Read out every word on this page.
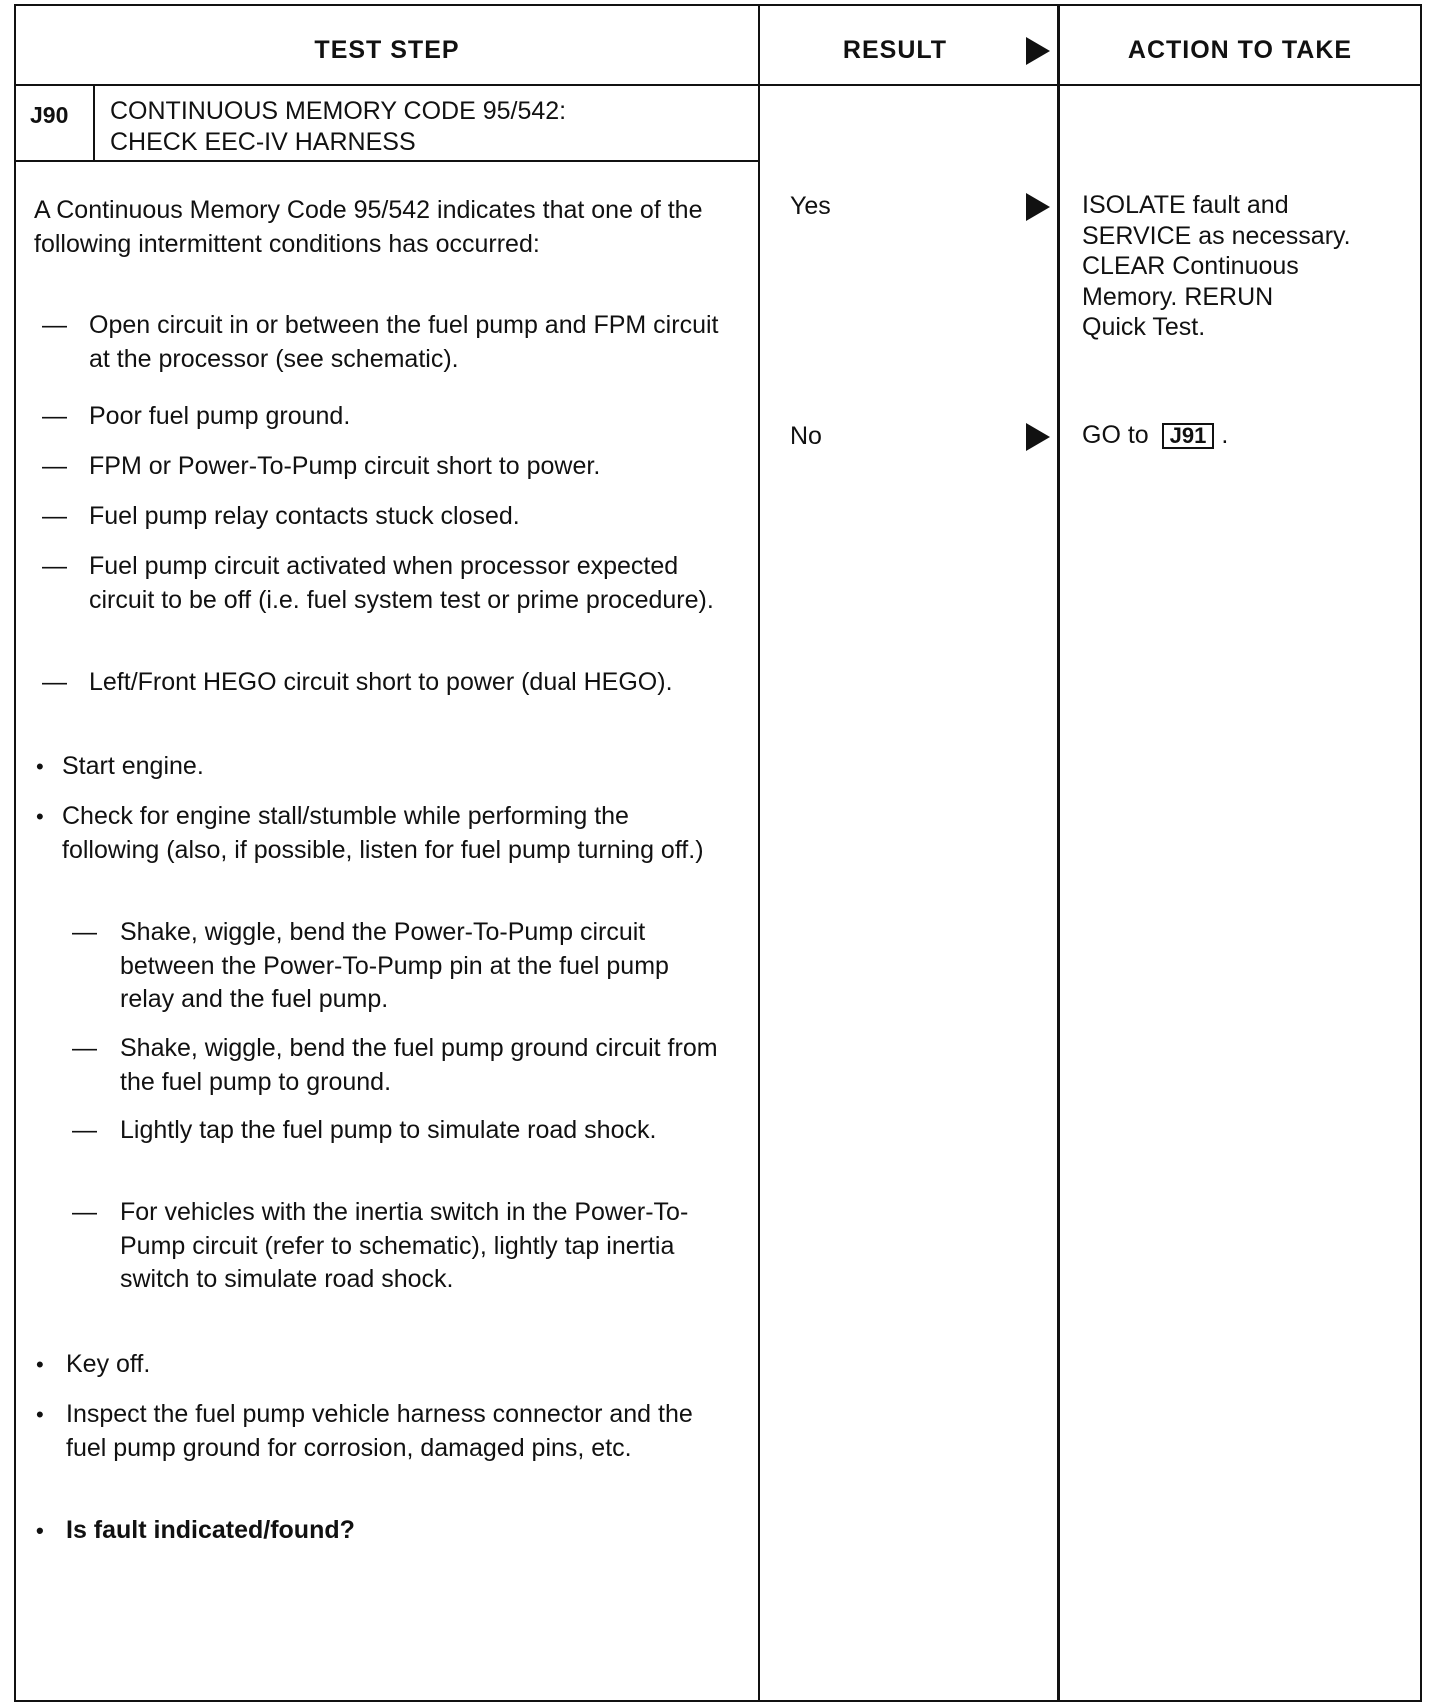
TEST STEP	RESULT	ACTION TO TAKE
J90 CONTINUOUS MEMORY CODE 95/542:
CHECK EEC-IV HARNESS
A Continuous Memory Code 95/542 indicates that one of the following intermittent conditions has occurred:
— Open circuit in or between the fuel pump and FPM circuit at the processor (see schematic).
— Poor fuel pump ground.
— FPM or Power-To-Pump circuit short to power.
— Fuel pump relay contacts stuck closed.
— Fuel pump circuit activated when processor expected circuit to be off (i.e. fuel system test or prime procedure).
— Left/Front HEGO circuit short to power (dual HEGO).
• Start engine.
• Check for engine stall/stumble while performing the following (also, if possible, listen for fuel pump turning off.)
— Shake, wiggle, bend the Power-To-Pump circuit between the Power-To-Pump pin at the fuel pump relay and the fuel pump.
— Shake, wiggle, bend the fuel pump ground circuit from the fuel pump to ground.
— Lightly tap the fuel pump to simulate road shock.
— For vehicles with the inertia switch in the Power-To-Pump circuit (refer to schematic), lightly tap inertia switch to simulate road shock.
• Key off.
• Inspect the fuel pump vehicle harness connector and the fuel pump ground for corrosion, damaged pins, etc.
• Is fault indicated/found?
Yes
No
ISOLATE fault and
SERVICE as necessary.
CLEAR Continuous
Memory. RERUN
Quick Test.
GO to J91 .
